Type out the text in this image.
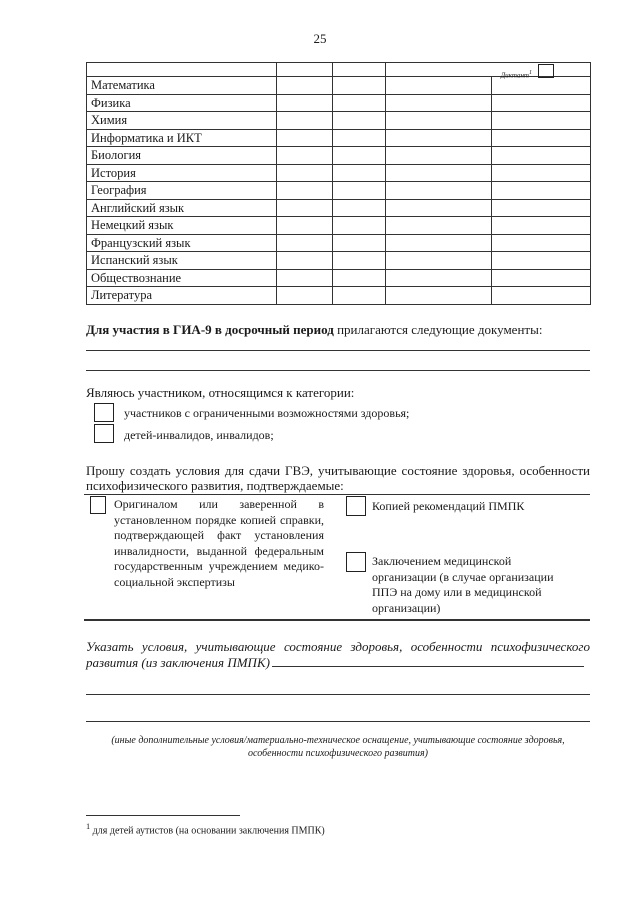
25

			Диктант$^1$

Математика				
Физика				
Химия				
Информатика и ИКТ				
Биология				
История				
География				
Английский язык				
Немецкий язык				
Французский язык				
Испанский язык				
Обществознание				
Литература				
Для участия в ГИА-9 в досрочный период прилагаются следующие документы:
Являюсь участником, относящимся к категории:
участников с ограниченными возможностями здоровья;
детей-инвалидов, инвалидов;
Прошу создать условия для сдачи ГВЭ, учитывающие состояние здоровья, особенности психофизического развития, подтверждаемые:
Оригиналом или заверенной в установленном порядке копией справки, подтверждающей факт установления инвалидности, выданной федеральным государственным учреждением медико-социальной экспертизы
Копией рекомендаций ПМПК
Заключением медицинской организации (в случае организации ППЭ на дому или в медицинской организации)
Указать условия, учитывающие состояние здоровья, особенности психофизического развития (из заключения ПМПК)
(иные дополнительные условия/материально-техническое оснащение, учитывающие состояние здоровья, особенности психофизического развития)
$^1$ для детей аутистов (на основании заключения ПМПК)
